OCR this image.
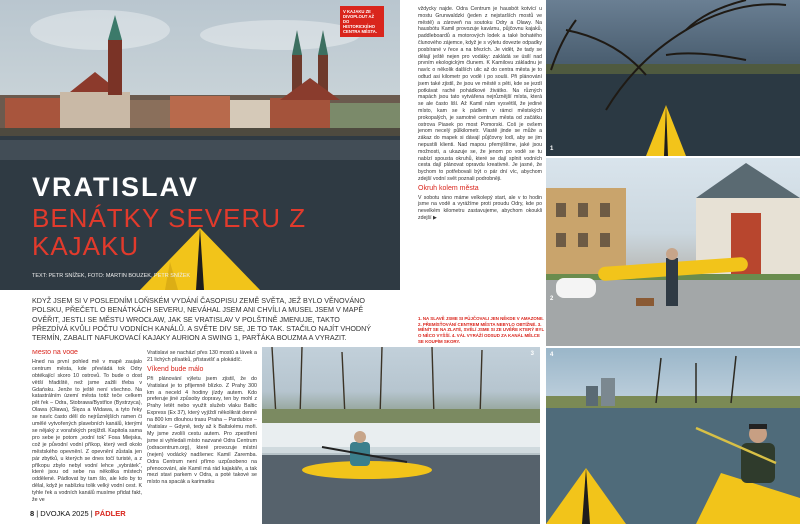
V KAJAKU ZE DIVOPLOUT AŽ DO HISTORICKÉHO CENTRA MĚSTA.
VRATISLAV
BENÁTKY SEVERU Z KAJAKU
TEXT: PETR SNÍŽEK, FOTO: MARTIN BOUZEK, PETR SNÍŽEK
KDYŽ JSEM SI V POSLEDNÍM LOŇSKÉM VYDÁNÍ ČASOPISU ZEMĚ SVĚTA, JEŽ BYLO VĚNOVÁNO POLSKU, PŘEČETL O BENÁTKÁCH SEVERU, NEVÁHAL JSEM ANI CHVÍLI A MUSEL JSEM V MAPĚ OVĚŘIT, JESTLI SE MĚSTU WROCŁAW, JAK SE VRATISLAV V POLŠTINĚ JMENUJE, TAKTO PŘEZDÍVÁ KVŮLI POČTU VODNÍCH KANÁLŮ. A SVĚTE DIV SE, JE TO TAK. STAČILO NAJÍT VHODNÝ TERMÍN, ZABALIT NAFUKOVACÍ KAJAKY AURION A SWING 1, PARŤÁKA BOUZMA A VYRAZIT.
Město na vodě

Hned na první pohled mě v mapě zaujalo centrum města, kde převládá tok Odry obtékající skoro 10 ostrovů. To bude o dost větší hřadiště, než jsme zažili třeba v Gdańsku. Jenže to ještě není všechno. Na katastrálním území města totiž teče celkem pět řek – Odra, Stobrawa/Bystřice (Bystrzyca), Olawa (Oława), Ślęza a Widawa, a tyto řeky se navíc často dělí do nejrůznějších ramen či umělé vytvořených plavebních kanálů, kterými se nějaký z vorařských projíždí. Kapitola sama pro sebe je potom „vodní tok“ Fosa Miejska, což je původní vodní příkop, který vedl okolo městského opevnění. Z opevnění zůstala jen pár zbytků, u kterých se dnes točí turisté, a z příkopu zbylo nebyl vodní lehce „vybrátek“, které jsou od sebe na několika místech oddělené. Pádlovat by tam šlo, ale kdo by to dělal, když je nablízku tolik velký vodní cest. K tyhle řek a vodních kanálů musíme přidat fakt, že ve

Vratislavi se nachází přes 130 mostů a lávek a 21 lichých plísatků, přístavišť a plokádíč.

Víkend bude málo

Při plánování výletu jsem zjistil, že do Vratislavi je to příjemně blízko. Z Prahy 300 km a neceld 4 hodiny jízdy autem. Kdo preferuje jiné způsoby dopravy, ten by mohl z Prahy letět nebo využít služeb vlaku Baltic Express (Ex 37), který vyjíždí několikrát denně na 800 km dlouhou trasu Praha – Pardubice – Vratislav – Gdyně, tedy až k Baltskému moři. My jsme zvolili cestu autem. Pro zpestření jsme si vyhledali místo nazvané Odra Centrum (odracentrum.org), které provozuje místní (nejen) vodácký nadšenec Kamil Zaremba. Odra Centrum není přímo uzpůsobeno na přenocování, ale Kamil má rád kajakáře, a tak mezi stavi parkem v Odra, a poté takové se místo na spacák a karimatku

8 | DVOJKA 2025 | PÁDLER
3

vždycky najde. Odra Centrum je hausbót kotvící u mostu Grunwaldzki (jeden z nejstarších mostů ve městě) a zároveň na soutoku Odry a Olawy. Na hausbótu Kamil provozuje kavárnu, půjčovnu kajaků, paddleboardů a motorových lodek a také bohatého člunového zájemce, když je s výletu dovezte odpadky posbírané v řece a na březích. Je vidět, že tady se dělají ještě nejen pro vodáky: zakládá se úsilí nad prvním ekologickým člunem. K Kamilovu základnu je navíc o několik dalších ulic až do centra města je to odtud asi kilometr po vodě i po souši. Při plánování jsem také zjistil, že jsou ve městě s pěti, kde se jezdí potkávat raché pohádkové živátko. Na různých mapách jsou tato vytvářena nejrůznější místa, která se ale často liší. Až Kamil nám vysvětlil, že jediné místo, kam se k pádlem v rámci městských prokopalých, je samotné centrum města od začátku ostrova Piasek po most Pomorski. Coš je ovšem jenom necelý půlkilometr. Vlastě jinde se může a zákaz do mapek si dávají půjčovny lodí, aby se jim nepustili klienti. Nad mapou přemýšlíme, jaké jsou možnosti, a ukazuje se, že jenom po vodě se tu nabízí spousta okruhů, které se dají splnit vodních cesta dají plánovat opravdu kreativně. Je jasné, že bychom to potřebovali být o pár dní víc, abychom zdejší vodní svět poznali podrobněji.

Okruh kolem města

V sobotu ráno máme velkolepý start, ale v to hodin jsme na vodě a vyrážíme proti proudu Odry, kde po nevelkém kilometru zastavujeme, abychom okoukli zdejší ▶

1. NA SLAVĚ JSME SI PŮJČOVALI JEN NĚKDE V AMAZONII. 2. PŘEMÍSŤOVÁNÍ CENTREM MĚSTA NEBYLO OBTÍŽNÉ. 3. MĚNÍT SE NA ZLATÉ, SVĚLÍ JSME SI ZE UVĚŘE KTERÝ BYL O NĚCO VYŠŠÍ. 4. VÁL VYRÁŽÍ ODSUD ZA KANÁL MĚLCE SE KOUPÍM SKORY.
1
2
4
